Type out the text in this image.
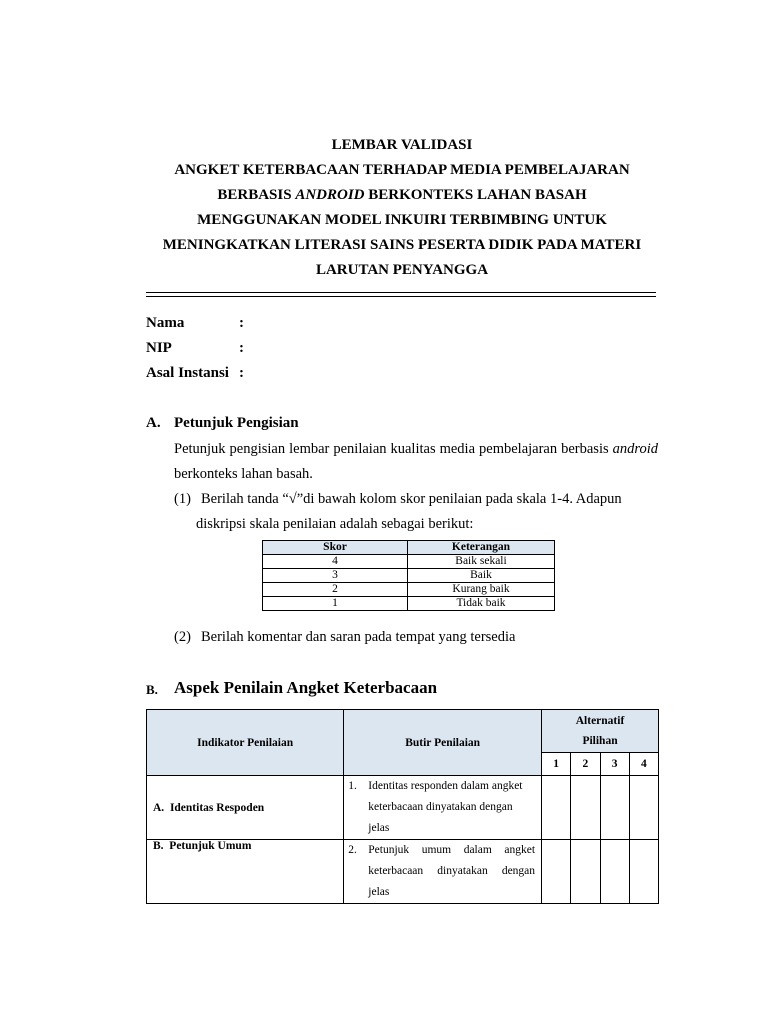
LEMBAR VALIDASI
ANGKET KETERBACAAN TERHADAP MEDIA PEMBELAJARAN
BERBASIS ANDROID BERKONTEKS LAHAN BASAH
MENGGUNAKAN MODEL INKUIRI TERBIMBING UNTUK
MENINGKATKAN LITERASI SAINS PESERTA DIDIK PADA MATERI
LARUTAN PENYANGGA
Nama	:
NIP	:
Asal Instansi :
A. Petunjuk Pengisian
Petunjuk pengisian lembar penilaian kualitas media pembelajaran berbasis android berkonteks lahan basah.
(1) Berilah tanda “√”di bawah kolom skor penilaian pada skala 1-4. Adapun
diskripsi skala penilaian adalah sebagai berikut:
Skor	Keterangan
4	Baik sekali
3	Baik
2	Kurang baik
1	Tidak baik
(2) Berilah komentar dan saran pada tempat yang tersedia
B. Aspek Penilain Angket Keterbacaan
Indikator Penilaian	Butir Penilaian	Alternatif
Pilihan			

		1	2	3	4
A. Identitas Respoden	1. Identitas responden dalam angket keterbacaan dinyatakan dengan jelas				

B. Petunjuk Umum	2. Petunjuk umum dalam angket keterbacaan dinyatakan dengan jelas				
